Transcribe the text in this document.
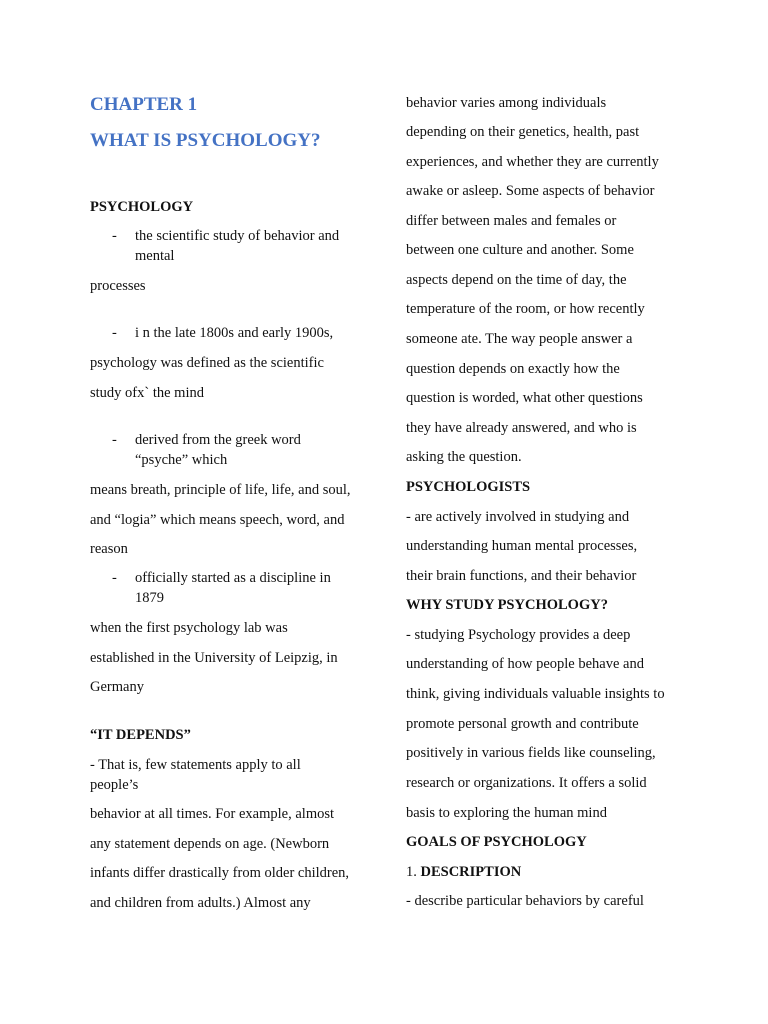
CHAPTER 1
WHAT IS PSYCHOLOGY?
PSYCHOLOGY
- the scientific study of behavior and
mental
processes
- i n the late 1800s and early 1900s,
psychology was defined as the scientific
study ofx` the mind
- derived from the greek word
“psyche” which
means breath, principle of life, life, and soul,
and “logia” which means speech, word, and
reason
- officially started as a discipline in
1879
when the first psychology lab was
established in the University of Leipzig, in
Germany
“IT DEPENDS”
- That is, few statements apply to all
people’s
behavior at all times. For example, almost
any statement depends on age. (Newborn
infants differ drastically from older children,
and children from adults.) Almost any
behavior varies among individuals
depending on their genetics, health, past
experiences, and whether they are currently
awake or asleep. Some aspects of behavior
differ between males and females or
between one culture and another. Some
aspects depend on the time of day, the
temperature of the room, or how recently
someone ate. The way people answer a
question depends on exactly how the
question is worded, what other questions
they have already answered, and who is
asking the question.
PSYCHOLOGISTS
- are actively involved in studying and
understanding human mental processes,
their brain functions, and their behavior
WHY STUDY PSYCHOLOGY?
- studying Psychology provides a deep
understanding of how people behave and
think, giving individuals valuable insights to
promote personal growth and contribute
positively in various fields like counseling,
research or organizations. It offers a solid
basis to exploring the human mind
GOALS OF PSYCHOLOGY
1. DESCRIPTION
- describe particular behaviors by careful
